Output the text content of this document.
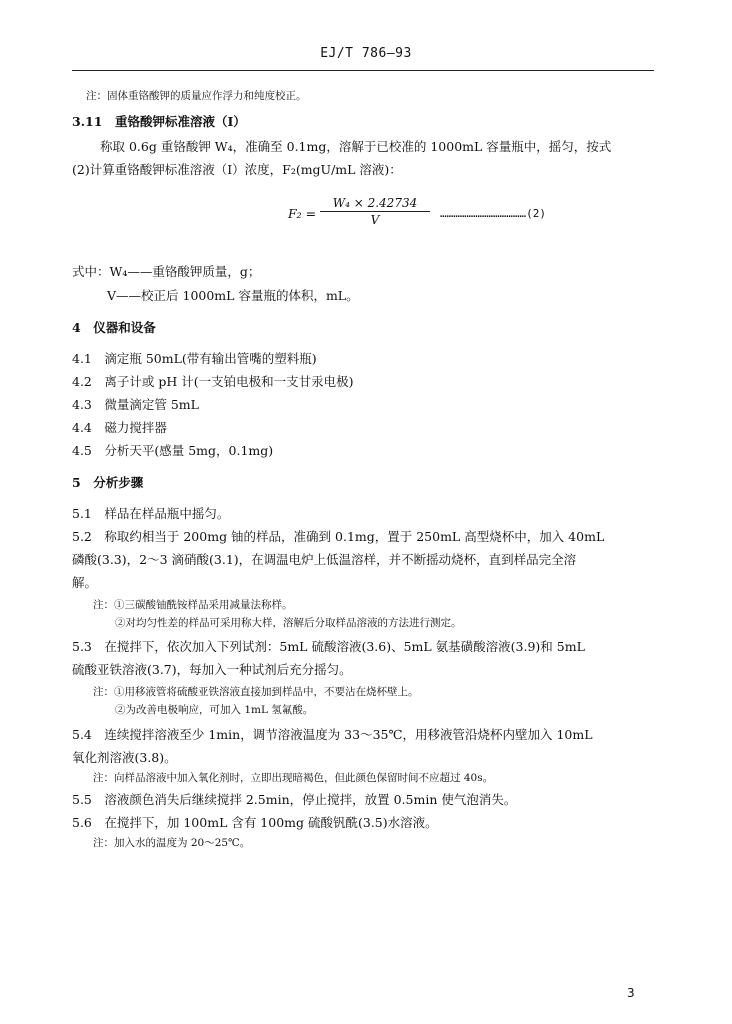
EJ/T 786—93
注：固体重铬酸钾的质量应作浮力和纯度校正。
3.11　重铬酸钾标准溶液（Ⅰ）
称取 0.6g 重铬酸钾 W₄，准确至 0.1mg，溶解于已校准的 1000mL 容量瓶中，摇匀，按式
(2)计算重铬酸钾标准溶液（Ⅰ）浓度，F₂(mgU/mL 溶液)：
$F_2 = \frac{\text{W₄ × 2.42734}}{V}$ …………………………………(2)
式中：W₄——重铬酸钾质量，g；
V——校正后 1000mL 容量瓶的体积，mL。
4　仪器和设备
4.1　滴定瓶 50mL(带有输出管嘴的塑料瓶)
4.2　离子计或 pH 计(一支铂电极和一支甘汞电极)
4.3　微量滴定管 5mL
4.4　磁力搅拌器
4.5　分析天平(感量 5mg，0.1mg)
5　分析步骤
5.1　样品在样品瓶中摇匀。
5.2　称取约相当于 200mg 铀的样品，准确到 0.1mg，置于 250mL 高型烧杯中，加入 40mL
磷酸(3.3)，2～3 滴硝酸(3.1)，在调温电炉上低温溶样，并不断摇动烧杯，直到样品完全溶
解。
注：①三碳酸铀酰铵样品采用减量法称样。
②对均匀性差的样品可采用称大样，溶解后分取样品溶液的方法进行测定。
5.3　在搅拌下，依次加入下列试剂：5mL 硫酸溶液(3.6)、5mL 氨基磺酸溶液(3.9)和 5mL
硫酸亚铁溶液(3.7)，每加入一种试剂后充分摇匀。
注：①用移液管将硫酸亚铁溶液直接加到样品中，不要沾在烧杯壁上。
②为改善电极响应，可加入 1mL 氢氟酸。
5.4　连续搅拌溶液至少 1min，调节溶液温度为 33～35℃，用移液管沿烧杯内壁加入 10mL
氧化剂溶液(3.8)。
注：向样品溶液中加入氧化剂时，立即出现暗褐色，但此颜色保留时间不应超过 40s。
5.5　溶液颜色消失后继续搅拌 2.5min，停止搅拌，放置 0.5min 使气泡消失。
5.6　在搅拌下，加 100mL 含有 100mg 硫酸钒酰(3.5)水溶液。
注：加入水的温度为 20～25℃。
3
